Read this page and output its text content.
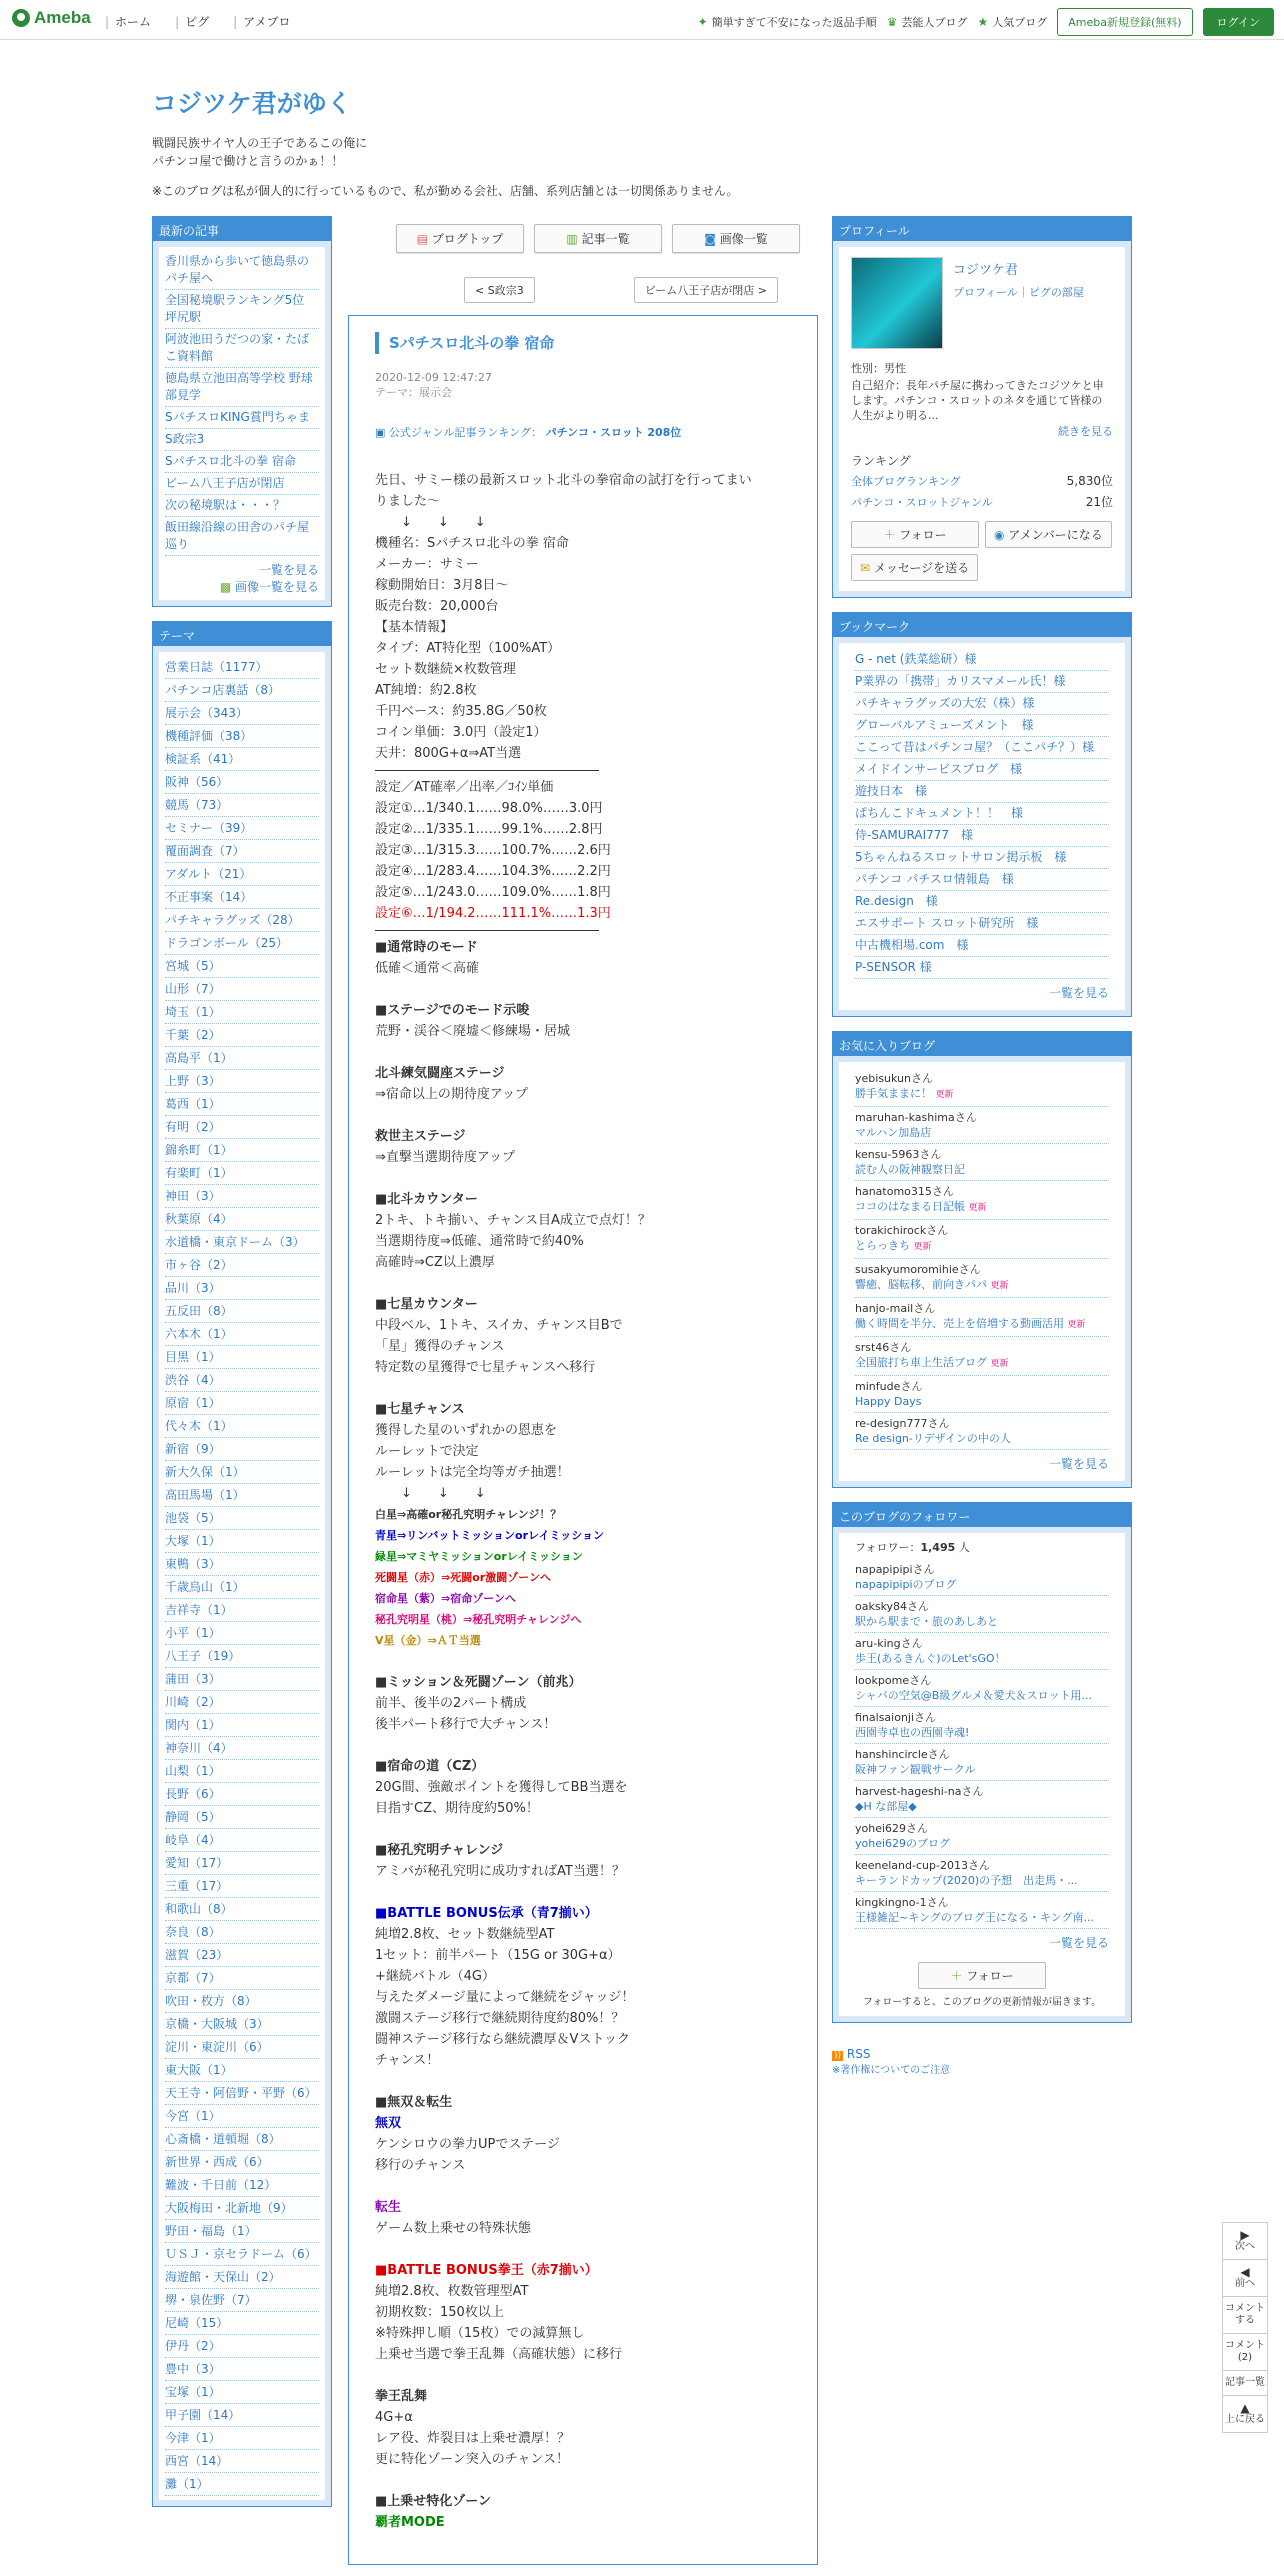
Ameba | ホーム | ピグ | アメブロ	✦ 簡単すぎて不安になった返品手順 ♛ 芸能人ブログ ★ 人気ブログ	Ameba新規登録(無料)	ログイン
コジツケ君がゆく
戦闘民族サイヤ人の王子であるこの俺に
パチンコ屋で働けと言うのかぁ！！
※このブログは私が個人的に行っているもので、私が勤める会社、店舗、系列店舗とは一切関係ありません。
最新の記事
香川県から歩いて徳島県のパチ屋へ
全国秘境駅ランキング5位 坪尻駅
阿波池田うだつの家・たばこ資料館
徳島県立池田高等学校 野球部見学
SパチスロKING賞門ちゃま
S政宗3
Sパチスロ北斗の拳 宿命
ビーム八王子店が閉店
次の秘境駅は・・・？
飯田線沿線の田舎のパチ屋巡り
一覧を見る
▩ 画像一覧を見る
テーマ
営業日誌（1177）
パチンコ店裏話（8）
展示会（343）
機種評価（38）
検証系（41）
阪神（56）
競馬（73）
セミナー（39）
覆面調査（7）
アダルト（21）
不正事案（14）
パチキャラグッズ（28）
ドラゴンボール（25）
宮城（5）
山形（7）
埼玉（1）
千葉（2）
高島平（1）
上野（3）
葛西（1）
有明（2）
錦糸町（1）
有楽町（1）
神田（3）
秋葉原（4）
水道橋・東京ドーム（3）
市ヶ谷（2）
品川（3）
五反田（8）
六本木（1）
目黒（1）
渋谷（4）
原宿（1）
代々木（1）
新宿（9）
新大久保（1）
高田馬場（1）
池袋（5）
大塚（1）
東鴨（3）
千歳烏山（1）
吉祥寺（1）
小平（1）
八王子（19）
蒲田（3）
川崎（2）
関内（1）
神奈川（4）
山梨（1）
長野（6）
静岡（5）
岐阜（4）
愛知（17）
三重（17）
和歌山（8）
奈良（8）
滋賀（23）
京都（7）
吹田・枚方（8）
京橋・大阪城（3）
淀川・東淀川（6）
東大阪（1）
天王寺・阿倍野・平野（6）
今宮（1）
心斎橋・道頓堀（8）
新世界・西成（6）
難波・千日前（12）
大阪梅田・北新地（9）
野田・福島（1）
ＵＳＪ・京セラドーム（6）
海遊館・天保山（2）
堺・泉佐野（7）
尼崎（15）
伊丹（2）
豊中（3）
宝塚（1）
甲子園（14）
今津（1）
西宮（14）
灘（1）
▤ ブログトップ	▥ 記事一覧	◙ 画像一覧
< S政宗3	ビーム八王子店が閉店 >
Sパチスロ北斗の拳 宿命
2020-12-09 12:47:27
テーマ：展示会
▣ 公式ジャンル記事ランキング： パチンコ・スロット 208位
先日、サミー様の最新スロット北斗の拳宿命の試打を行ってまい
りました～
　　↓　　↓　　↓
機種名：Sパチスロ北斗の拳 宿命
メーカー：サミー
稼動開始日：3月8日～
販売台数：20,000台
【基本情報】
タイプ：AT特化型（100%AT）
セット数継続×枚数管理
AT純増：約2.8枚
千円ベース：約35.8G／50枚
コイン単価：3.0円（設定1）
天井：800G+α⇒AT当選
設定／AT確率／出率／ｺｲﾝ単価
設定①…1/340.1……98.0%……3.0円
設定②…1/335.1……99.1%……2.8円
設定③…1/315.3……100.7%……2.6円
設定④…1/283.4……104.3%……2.2円
設定⑤…1/243.0……109.0%……1.8円
設定⑥…1/194.2……111.1%……1.3円
■通常時のモード
低確＜通常＜高確
■ステージでのモード示唆
荒野・渓谷＜廃墟＜修練場・居城
北斗練気闘座ステージ
⇒宿命以上の期待度アップ
救世主ステージ
⇒直撃当選期待度アップ
■北斗カウンター
2トキ、トキ揃い、チャンス目A成立で点灯！？
当選期待度⇒低確、通常時で約40%
高確時⇒CZ以上濃厚
■七星カウンター
中段ベル、1トキ、スイカ、チャンス目Bで
「星」獲得のチャンス
特定数の星獲得で七星チャンスへ移行
■七星チャンス
獲得した星のいずれかの恩恵を
ルーレットで決定
ルーレットは完全均等ガチ抽選！
　　↓　　↓　　↓
白星⇒高確or秘孔究明チャレンジ！？
青星⇒リンバットミッションorレイミッション
緑星⇒マミヤミッションorレイミッション
死闘星（赤）⇒死闘or激闘ゾーンへ
宿命星（紫）⇒宿命ゾーンへ
秘孔究明星（桃）⇒秘孔究明チャレンジへ
V星（金）⇒ＡＴ当選
■ミッション＆死闘ゾーン（前兆）
前半、後半の2パート構成
後半パート移行で大チャンス！
■宿命の道（CZ）
20G間、強敵ポイントを獲得してBB当選を
目指すCZ、期待度約50%！
■秘孔究明チャレンジ
アミバが秘孔究明に成功すればAT当選！？
■BATTLE BONUS伝承（青7揃い）
純増2.8枚、セット数継続型AT
1セット：前半パート（15G or 30G+α）
+継続バトル（4G）
与えたダメージ量によって継続をジャッジ！
激闘ステージ移行で継続期待度約80%！？
闘神ステージ移行なら継続濃厚＆Vストック
チャンス！
■無双＆転生
無双
ケンシロウの拳力UPでステージ
移行のチャンス
転生
ゲーム数上乗せの特殊状態
■BATTLE BONUS拳王（赤7揃い）
純増2.8枚、枚数管理型AT
初期枚数：150枚以上
※特殊押し順（15枚）での減算無し
上乗せ当選で拳王乱舞（高確状態）に移行
拳王乱舞
4G+α
レア役、炸裂目は上乗せ濃厚！？
更に特化ゾーン突入のチャンス！
■上乗せ特化ゾーン
覇者MODE
プロフィール
コジツケ君
プロフィール｜ピグの部屋
性別：男性
自己紹介：長年パチ屋に携わってきたコジツケと申します。パチンコ・スロットのネタを通じて皆様の人生がより明る...
続きを見る
ランキング
全体ブログランキング	5,830位
パチンコ・スロットジャンル	21位
＋ フォロー	◉ アメンバーになる
✉ メッセージを送る
ブックマーク
G - net (鉄菜総研）様
P業界の「携帯」カリスマメール氏！様
パチキャラグッズの大宏（株）様
グローバルアミューズメント　様
ここって昔はパチンコ屋？（ここパチ？）様
メイドインサービスブログ　様
遊技日本　様
ぱちんこドキュメント！！　様
侍-SAMURAI777　様
5ちゃんねるスロットサロン掲示板　様
パチンコ パチスロ情報島　様
Re.design　様
エスサポート スロット研究所　様
中古機相場.com　様
P-SENSOR 様
一覧を見る
お気に入りブログ
yebisukunさん
勝手気ままに！ 更新
maruhan-kashimaさん
マルハン加島店
kensu-5963さん
読む人の阪神観察日記
hanatomo315さん
ココのはなまる日記帳 更新
torakichirockさん
とらっきち 更新
susakyumoromihieさん
響癒、脳転移、前向きパパ 更新
hanjo-mailさん
働く時間を半分、売上を倍増する動画活用 更新
srst46さん
全国旅打ち車上生活ブログ 更新
minfudeさん
Happy Days
re-design777さん
Re design-リデザインの中の人
一覧を見る
このブログのフォロワー
フォロワー：1,495 人
napapipipiさん
napapipipiのブログ
oaksky84さん
駅から駅まで・旅のあしあと
aru-kingさん
歩王(あるきんぐ)のLet'sGO！
lookpomeさん
シャバの空気@B級グルメ＆愛犬＆スロット用...
finalsaionjiさん
西園寺卓也の西園寺魂!
hanshincircleさん
阪神ファン観戦サークル
harvest-hageshi-naさん
◆H な部屋◆
yohei629さん
yohei629のブログ
keeneland-cup-2013さん
キーランドカップ(2020)の予想　出走馬・...
kingkingno-1さん
王様雑記~キングのブログ王になる・キング南...
一覧を見る
＋ フォロー
フォローすると、このブログの更新情報が届きます。
)) RSS
※著作権についてのご注意
▶
次へ
◀
前へ
コメントする
コメント(2)
記事一覧
▲
上に戻る
